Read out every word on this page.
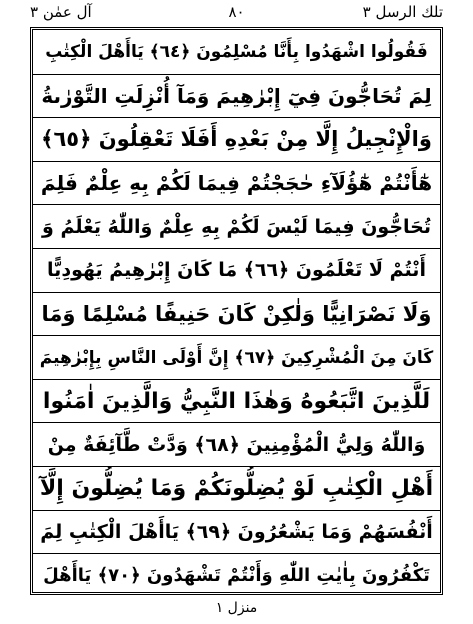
آل عمٰن ٣	٨٠	تلك الرسل ٣
فَقُولُوا اشْهَدُوا بِأَنَّا مُسْلِمُونَ ﴿٦٤﴾ يَاأَهْلَ الْكِتٰبِ
لِمَ تُحَاجُّونَ فِيٓ إِبْرٰهِيمَ وَمَآ أُنْزِلَتِ التَّوْرٰىةُ
وَالْإِنْجِيلُ إِلَّا مِنْ بَعْدِهِ أَفَلَا تَعْقِلُونَ ﴿٦٥﴾
هٰٓأَنْتُمْ هٰٓؤُلَآءِ حٰجَجْتُمْ فِيمَا لَكُمْ بِهِ عِلْمٌ فَلِمَ
تُحَاجُّونَ فِيمَا لَيْسَ لَكُمْ بِهِ عِلْمٌ وَاللّٰهُ يَعْلَمُ وَ
أَنْتُمْ لَا تَعْلَمُونَ ﴿٦٦﴾ مَا كَانَ إِبْرٰهِيمُ يَهُودِيًّا
وَلَا نَصْرَانِيًّا وَلٰكِنْ كَانَ حَنِيفًا مُسْلِمًا وَمَا
كَانَ مِنَ الْمُشْرِكِينَ ﴿٦٧﴾ إِنَّ أَوْلَى النَّاسِ بِإِبْرٰهِيمَ
لَلَّذِينَ اتَّبَعُوهُ وَهٰذَا النَّبِيُّ وَالَّذِينَ اٰمَنُوا
وَاللّٰهُ وَلِيُّ الْمُؤْمِنِينَ ﴿٦٨﴾ وَدَّتْ طَّآئِفَةٌ مِنْ
أَهْلِ الْكِتٰبِ لَوْ يُضِلُّونَكُمْ وَمَا يُضِلُّونَ إِلَّآ
أَنْفُسَهُمْ وَمَا يَشْعُرُونَ ﴿٦٩﴾ يَاأَهْلَ الْكِتٰبِ لِمَ
تَكْفُرُونَ بِاٰيٰتِ اللّٰهِ وَأَنْتُمْ تَشْهَدُونَ ﴿٧٠﴾ يَاأَهْلَ
منزل ١
